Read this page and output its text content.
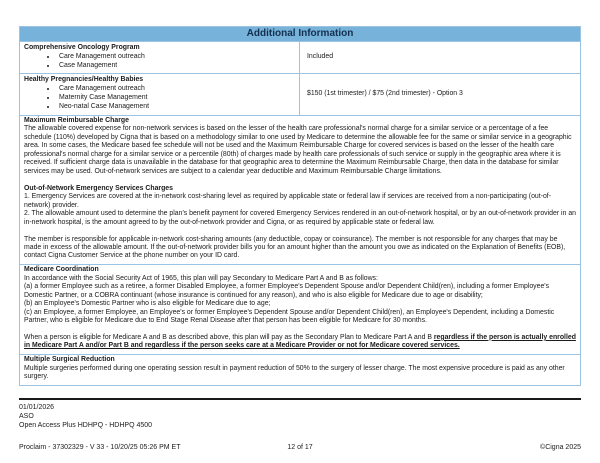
Additional Information
Comprehensive Oncology Program
• Care Management outreach
• Case Management
Included
Healthy Pregnancies/Healthy Babies
• Care Management outreach
• Maternity Case Management
• Neo-natal Case Management
$150 (1st trimester) / $75 (2nd trimester) - Option 3
Maximum Reimbursable Charge
The allowable covered expense for non-network services is based on the lesser of the health care professional's normal charge for a similar service or a percentage of a fee schedule (110%) developed by Cigna that is based on a methodology similar to one used by Medicare to determine the allowable fee for the same or similar service in a geographic area. In some cases, the Medicare based fee schedule will not be used and the Maximum Reimbursable Charge for covered services is based on the lesser of the health care professional's normal charge for a similar service or a percentile (80th) of charges made by health care professionals of such service or supply in the geographic area where it is received. If sufficient charge data is unavailable in the database for that geographic area to determine the Maximum Reimbursable Charge, then data in the database for similar services may be used. Out-of-network services are subject to a calendar year deductible and Maximum Reimbursable Charge limitations.
Out-of-Network Emergency Services Charges
1. Emergency Services are covered at the in-network cost-sharing level as required by applicable state or federal law if services are received from a non-participating (out-of-network) provider.
2. The allowable amount used to determine the plan's benefit payment for covered Emergency Services rendered in an out-of-network hospital, or by an out-of-network provider in an in-network hospital, is the amount agreed to by the out-of-network provider and Cigna, or as required by applicable state or federal law.
The member is responsible for applicable in-network cost-sharing amounts (any deductible, copay or coinsurance). The member is not responsible for any charges that may be made in excess of the allowable amount. If the out-of-network provider bills you for an amount higher than the amount you owe as indicated on the Explanation of Benefits (EOB), contact Cigna Customer Service at the phone number on your ID card.
Medicare Coordination
In accordance with the Social Security Act of 1965, this plan will pay Secondary to Medicare Part A and B as follows:
(a) a former Employee such as a retiree, a former Disabled Employee, a former Employee's Dependent Spouse and/or Dependent Child(ren), including a former Employee's Domestic Partner, or a COBRA continuant (whose insurance is continued for any reason), and who is also eligible for Medicare due to age or disability;
(b) an Employee's Domestic Partner who is also eligible for Medicare due to age;
(c) an Employee, a former Employee, an Employee's or former Employee's Dependent Spouse and/or Dependent Child(ren), an Employee's Dependent, including a Domestic Partner, who is eligible for Medicare due to End Stage Renal Disease after that person has been eligible for Medicare for 30 months.
When a person is eligible for Medicare A and B as described above, this plan will pay as the Secondary Plan to Medicare Part A and B regardless if the person is actually enrolled in Medicare Part A and/or Part B and regardless if the person seeks care at a Medicare Provider or not for Medicare covered services.
Multiple Surgical Reduction
Multiple surgeries performed during one operating session result in payment reduction of 50% to the surgery of lesser charge. The most expensive procedure is paid as any other surgery.
01/01/2026
ASO
Open Access Plus HDHPQ - HDHPQ 4500
Proclaim - 37302329 - V 33 - 10/20/25 05:26 PM ET	12 of 17	©Cigna 2025
